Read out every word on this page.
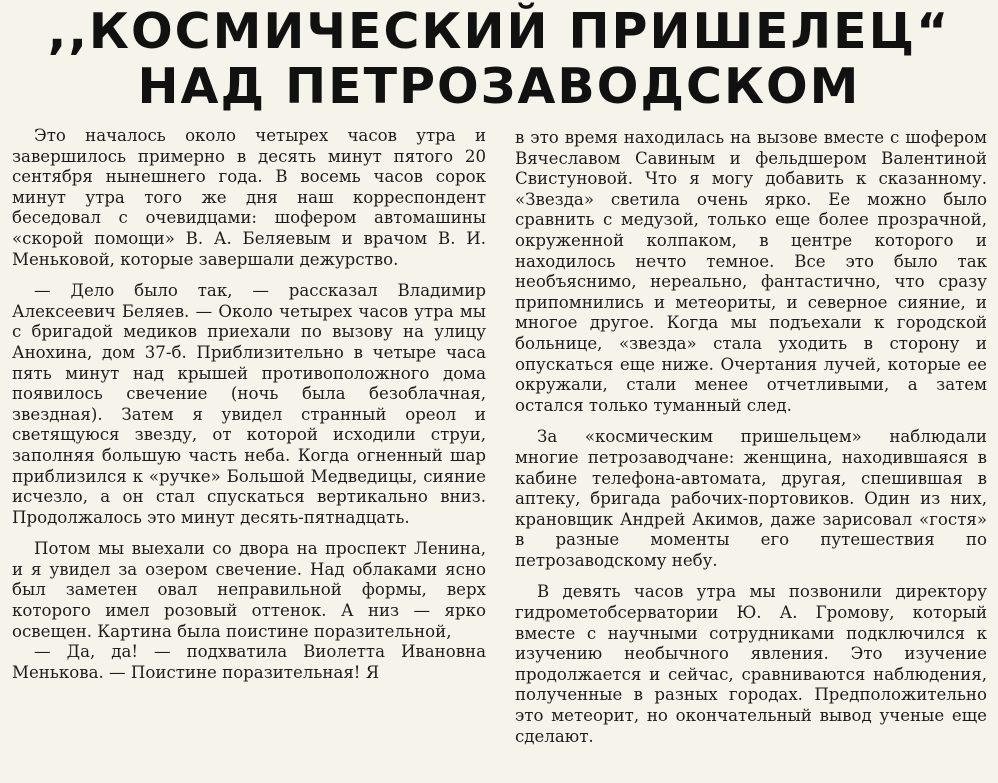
,,КОСМИЧЕСКИЙ ПРИШЕЛЕЦ“
НАД ПЕТРОЗАВОДСКОМ

Это началось около четырех часов утра и завершилось примерно в десять минут пятого 20 сентября нынешнего года. В восемь часов сорок минут утра того же дня наш корреспондент беседовал с очевидцами: шофером автомашины «скорой помощи» В. А. Беляевым и врачом В. И. Меньковой, которые завершали дежурство.

— Дело было так, — рассказал Владимир Алексеевич Беляев. — Около четырех часов утра мы с бригадой медиков приехали по вызову на улицу Анохина, дом 37-б. Приблизительно в четыре часа пять минут над крышей противоположного дома появилось свечение (ночь была безоблачная, звездная). Затем я увидел странный ореол и светящуюся звезду, от которой исходили струи, заполняя большую часть неба. Когда огненный шар приблизился к «ручке» Большой Медведицы, сияние исчезло, а он стал спускаться вертикально вниз. Продолжалось это минут десять-пятнадцать.

Потом мы выехали со двора на проспект Ленина, и я увидел за озером свечение. Над облаками ясно был заметен овал неправильной формы, верх которого имел розовый оттенок. А низ — ярко освещен. Картина была поистине поразительной,

— Да, да! — подхватила Виолетта Ивановна Менькова. — Поистине поразительная! Я

в это время находилась на вызове вместе с шофером Вячеславом Савиным и фельдшером Валентиной Свистуновой. Что я могу добавить к сказанному. «Звезда» светила очень ярко. Ее можно было сравнить с медузой, только еще более прозрачной, окруженной колпаком, в центре которого и находилось нечто темное. Все это было так необъяснимо, нереально, фантастично, что сразу припомнились и метеориты, и северное сияние, и многое другое. Когда мы подъехали к городской больнице, «звезда» стала уходить в сторону и опускаться еще ниже. Очертания лучей, которые ее окружали, стали менее отчетливыми, а затем остался только туманный след.

За «космическим пришельцем» наблюдали многие петрозаводчане: женщина, находившаяся в кабине телефона-автомата, другая, спешившая в аптеку, бригада рабочих-портовиков. Один из них, крановщик Андрей Акимов, даже зарисовал «гостя» в разные моменты его путешествия по петрозаводскому небу.

В девять часов утра мы позвонили директору гидрометобсерватории Ю. А. Громову, который вместе с научными сотрудниками подключился к изучению необычного явления. Это изучение продолжается и сейчас, сравниваются наблюдения, полученные в разных городах. Предположительно это метеорит, но окончательный вывод ученые еще сделают.
